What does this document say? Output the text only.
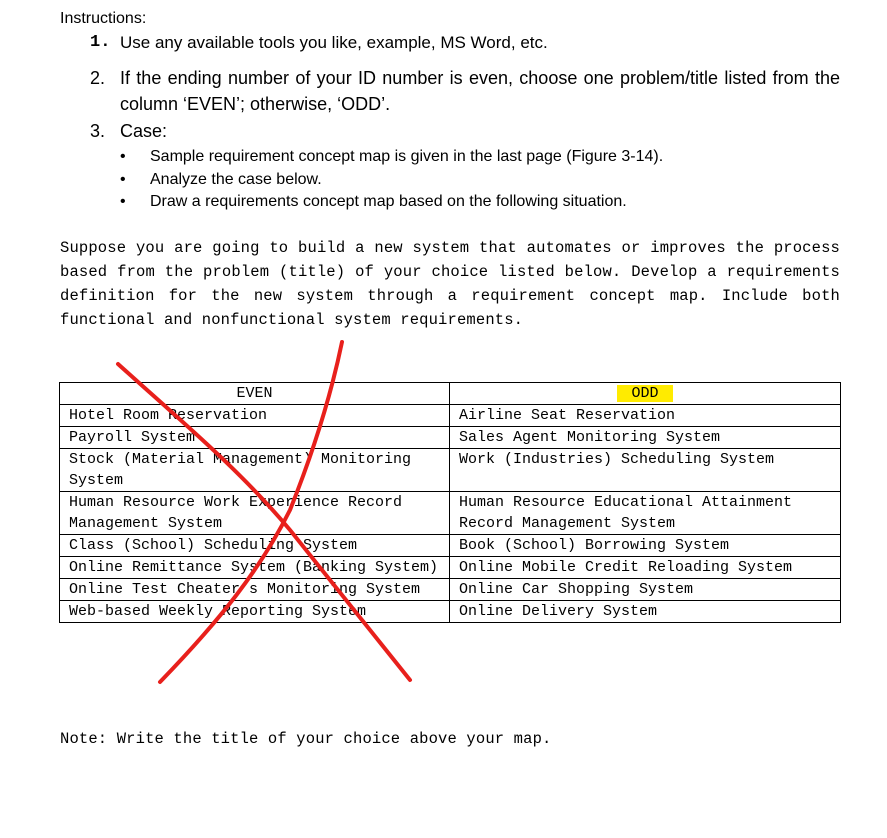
Instructions:
1. Use any available tools you like, example, MS Word, etc.
2. If the ending number of your ID number is even, choose one problem/title listed from the column ‘EVEN’; otherwise, ‘ODD’.
3. Case:
• Sample requirement concept map is given in the last page (Figure 3-14).
• Analyze the case below.
• Draw a requirements concept map based on the following situation.
Suppose you are going to build a new system that automates or improves the process based from the problem (title) of your choice listed below. Develop a requirements definition for the new system through a requirement concept map. Include both functional and nonfunctional system requirements.
EVEN	ODD
Hotel Room Reservation	Airline Seat Reservation
Payroll System	Sales Agent Monitoring System
Stock (Material Management) Monitoring System	Work (Industries) Scheduling System
Human Resource Work Experience Record Management System	Human Resource Educational Attainment Record Management System
Class (School) Scheduling System	Book (School) Borrowing System
Online Remittance System (Banking System)	Online Mobile Credit Reloading System
Online Test Cheater’s Monitoring System	Online Car Shopping System
Web-based Weekly Reporting System	Online Delivery System
Note: Write the title of your choice above your map.
